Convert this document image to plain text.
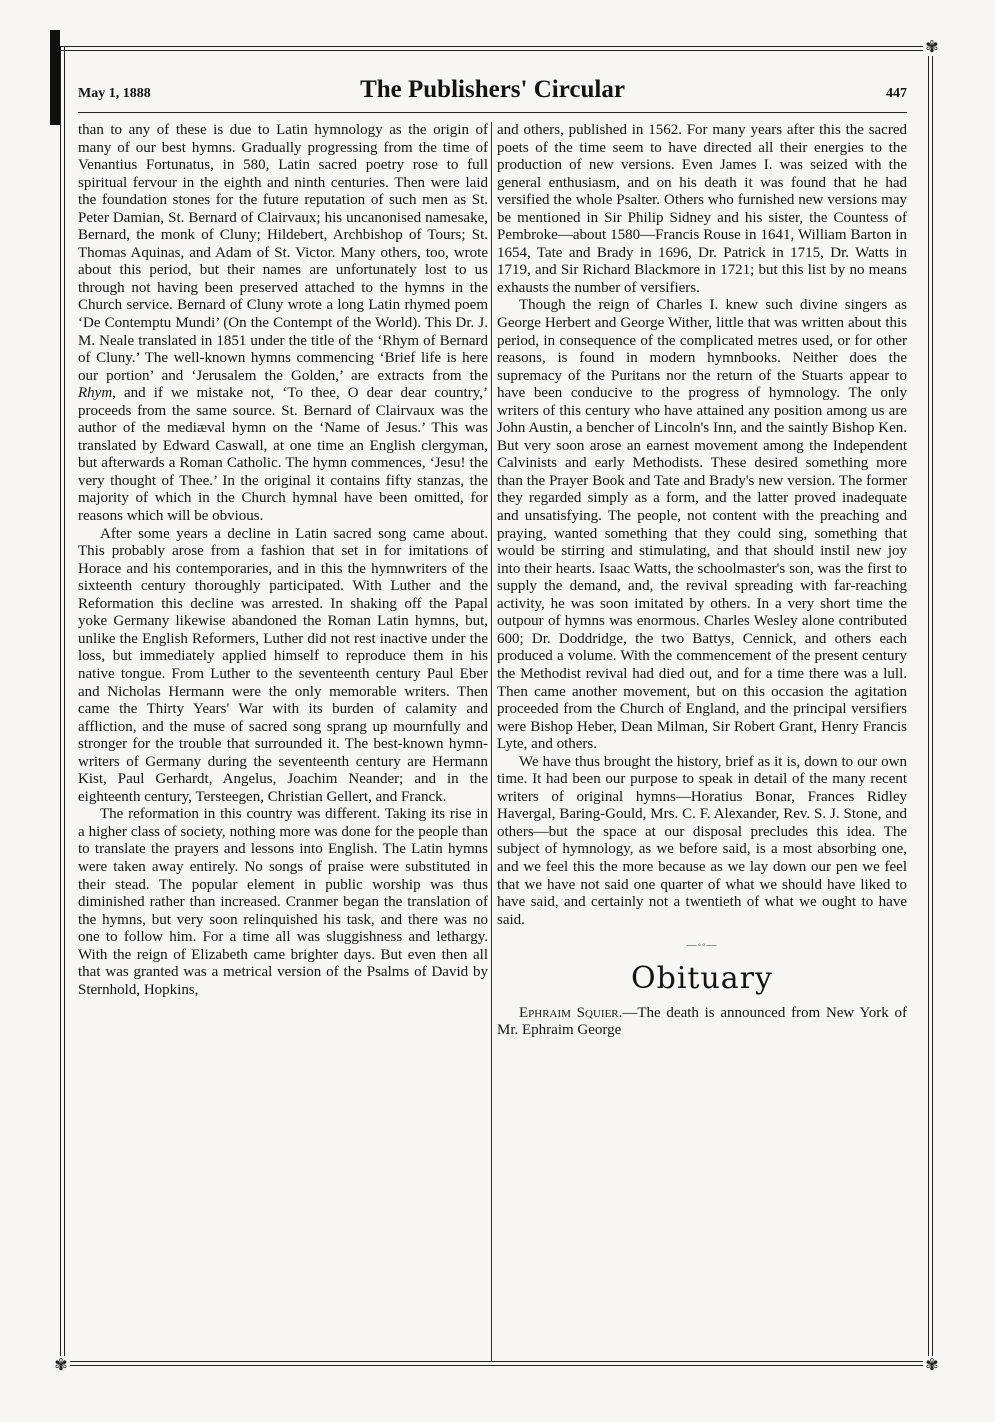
✾
✾	✾
May 1, 1888	The Publishers' Circular	447

than to any of these is due to Latin hymnology as the origin of many of our best hymns. Gradually progressing from the time of Venantius Fortunatus, in 580, Latin sacred poetry rose to full spiritual fervour in the eighth and ninth centuries. Then were laid the foundation stones for the future reputation of such men as St. Peter Damian, St. Bernard of Clairvaux; his uncanonised namesake, Bernard, the monk of Cluny; Hildebert, Archbishop of Tours; St. Thomas Aquinas, and Adam of St. Victor. Many others, too, wrote about this period, but their names are unfortunately lost to us through not having been preserved attached to the hymns in the Church service. Bernard of Cluny wrote a long Latin rhymed poem ‘De Contemptu Mundi’ (On the Contempt of the World). This Dr. J. M. Neale translated in 1851 under the title of the ‘Rhym of Bernard of Cluny.’ The well-known hymns commencing ‘Brief life is here our portion’ and ‘Jerusalem the Golden,’ are extracts from the Rhym, and if we mistake not, ‘To thee, O dear dear country,’ proceeds from the same source. St. Bernard of Clairvaux was the author of the mediæval hymn on the ‘Name of Jesus.’ This was translated by Edward Caswall, at one time an English clergyman, but afterwards a Roman Catholic. The hymn commences, ‘Jesu! the very thought of Thee.’ In the original it contains fifty stanzas, the majority of which in the Church hymnal have been omitted, for reasons which will be obvious.

After some years a decline in Latin sacred song came about. This probably arose from a fashion that set in for imitations of Horace and his contemporaries, and in this the hymnwriters of the sixteenth century thoroughly participated. With Luther and the Reformation this decline was arrested. In shaking off the Papal yoke Germany likewise abandoned the Roman Latin hymns, but, unlike the English Reformers, Luther did not rest inactive under the loss, but immediately applied himself to reproduce them in his native tongue. From Luther to the seventeenth century Paul Eber and Nicholas Hermann were the only memorable writers. Then came the Thirty Years' War with its burden of calamity and affliction, and the muse of sacred song sprang up mournfully and stronger for the trouble that surrounded it. The best-known hymn-writers of Germany during the seventeenth century are Hermann Kist, Paul Gerhardt, Angelus, Joachim Neander; and in the eighteenth century, Tersteegen, Christian Gellert, and Franck.

The reformation in this country was different. Taking its rise in a higher class of society, nothing more was done for the people than to translate the prayers and lessons into English. The Latin hymns were taken away entirely. No songs of praise were substituted in their stead. The popular element in public worship was thus diminished rather than increased. Cranmer began the translation of the hymns, but very soon relinquished his task, and there was no one to follow him. For a time all was sluggishness and lethargy. With the reign of Elizabeth came brighter days. But even then all that was granted was a metrical version of the Psalms of David by Sternhold, Hopkins,

and others, published in 1562. For many years after this the sacred poets of the time seem to have directed all their energies to the production of new versions. Even James I. was seized with the general enthusiasm, and on his death it was found that he had versified the whole Psalter. Others who furnished new versions may be mentioned in Sir Philip Sidney and his sister, the Countess of Pembroke—about 1580—Francis Rouse in 1641, William Barton in 1654, Tate and Brady in 1696, Dr. Patrick in 1715, Dr. Watts in 1719, and Sir Richard Blackmore in 1721; but this list by no means exhausts the number of versifiers.

Though the reign of Charles I. knew such divine singers as George Herbert and George Wither, little that was written about this period, in consequence of the complicated metres used, or for other reasons, is found in modern hymnbooks. Neither does the supremacy of the Puritans nor the return of the Stuarts appear to have been conducive to the progress of hymnology. The only writers of this century who have attained any position among us are John Austin, a bencher of Lincoln's Inn, and the saintly Bishop Ken. But very soon arose an earnest movement among the Independent Calvinists and early Methodists. These desired something more than the Prayer Book and Tate and Brady's new version. The former they regarded simply as a form, and the latter proved inadequate and unsatisfying. The people, not content with the preaching and praying, wanted something that they could sing, something that would be stirring and stimulating, and that should instil new joy into their hearts. Isaac Watts, the schoolmaster's son, was the first to supply the demand, and, the revival spreading with far-reaching activity, he was soon imitated by others. In a very short time the outpour of hymns was enormous. Charles Wesley alone contributed 600; Dr. Doddridge, the two Battys, Cennick, and others each produced a volume. With the commencement of the present century the Methodist revival had died out, and for a time there was a lull. Then came another movement, but on this occasion the agitation proceeded from the Church of England, and the principal versifiers were Bishop Heber, Dean Milman, Sir Robert Grant, Henry Francis Lyte, and others.

We have thus brought the history, brief as it is, down to our own time. It had been our purpose to speak in detail of the many recent writers of original hymns—Horatius Bonar, Frances Ridley Havergal, Baring-Gould, Mrs. C. F. Alexander, Rev. S. J. Stone, and others—but the space at our disposal precludes this idea. The subject of hymnology, as we before said, is a most absorbing one, and we feel this the more because as we lay down our pen we feel that we have not said one quarter of what we should have liked to have said, and certainly not a twentieth of what we ought to have said.

—◦◦—
Obituary

Ephraim Squier.—The death is announced from New York of Mr. Ephraim George
